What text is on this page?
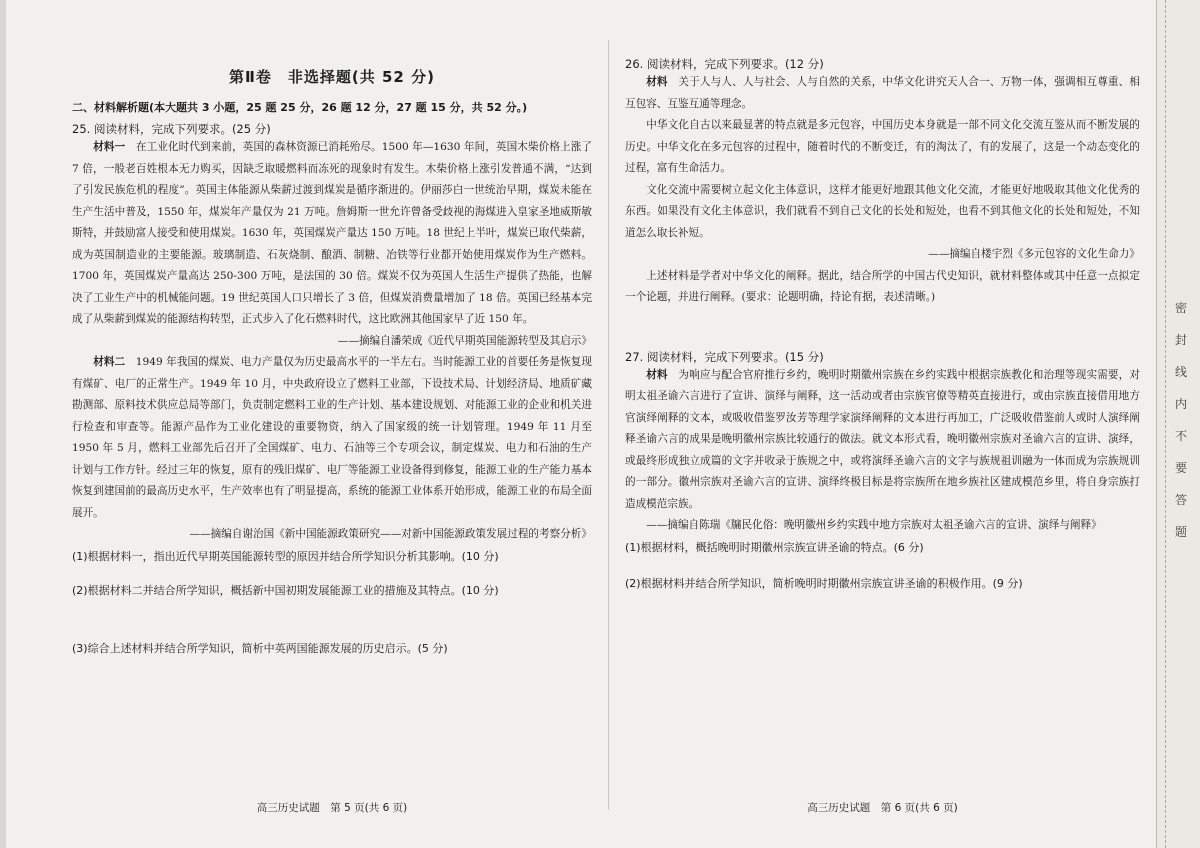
第Ⅱ卷　非选择题(共 52 分)
二、材料解析题(本大题共 3 小题，25 题 25 分，26 题 12 分，27 题 15 分，共 52 分。)
25. 阅读材料，完成下列要求。(25 分)

材料一　在工业化时代到来前，英国的森林资源已消耗殆尽。1500 年—1630 年间，英国木柴价格上涨了 7 倍，一般老百姓根本无力购买，因缺乏取暖燃料而冻死的现象时有发生。木柴价格上涨引发普通不满，“达到了引发民族危机的程度”。英国主体能源从柴薪过渡到煤炭是循序渐进的。伊丽莎白一世统治早期，煤炭未能在生产生活中普及，1550 年，煤炭年产量仅为 21 万吨。詹姆斯一世允许曾备受歧视的海煤进入皇家圣地威斯敏斯特，并鼓励富人接受和使用煤炭。1630 年，英国煤炭产量达 150 万吨。18 世纪上半叶，煤炭已取代柴薪，成为英国制造业的主要能源。玻璃制造、石灰烧制、酿酒、制糖、冶铁等行业都开始使用煤炭作为生产燃料。1700 年，英国煤炭产量高达 250-300 万吨，是法国的 30 倍。煤炭不仅为英国人生活生产提供了热能，也解决了工业生产中的机械能问题。19 世纪英国人口只增长了 3 倍，但煤炭消费量增加了 18 倍。英国已经基本完成了从柴薪到煤炭的能源结构转型，正式步入了化石燃料时代，这比欧洲其他国家早了近 150 年。

——摘编自潘荣成《近代早期英国能源转型及其启示》

材料二　1949 年我国的煤炭、电力产量仅为历史最高水平的一半左右。当时能源工业的首要任务是恢复现有煤矿、电厂的正常生产。1949 年 10 月，中央政府设立了燃料工业部，下设技术局、计划经济局、地质矿藏勘测部、原料技术供应总局等部门，负责制定燃料工业的生产计划、基本建设规划、对能源工业的企业和机关进行检查和审查等。能源产品作为工业化建设的重要物资，纳入了国家级的统一计划管理。1949 年 11 月至 1950 年 5 月，燃料工业部先后召开了全国煤矿、电力、石油等三个专项会议，制定煤炭、电力和石油的生产计划与工作方针。经过三年的恢复，原有的残旧煤矿、电厂等能源工业设备得到修复，能源工业的生产能力基本恢复到建国前的最高历史水平，生产效率也有了明显提高，系统的能源工业体系开始形成，能源工业的布局全面展开。

——摘编自谢治国《新中国能源政策研究——对新中国能源政策发展过程的考察分析》

(1)根据材料一，指出近代早期英国能源转型的原因并结合所学知识分析其影响。(10 分)

(2)根据材料二并结合所学知识，概括新中国初期发展能源工业的措施及其特点。(10 分)

(3)综合上述材料并结合所学知识，简析中英两国能源发展的历史启示。(5 分)

高三历史试题　第 5 页(共 6 页)
26. 阅读材料，完成下列要求。(12 分)

材料　关于人与人、人与社会、人与自然的关系，中华文化讲究天人合一、万物一体，强调相互尊重、相互包容、互鉴互通等理念。

中华文化自古以来最显著的特点就是多元包容，中国历史本身就是一部不同文化交流互鉴从而不断发展的历史。中华文化在多元包容的过程中，随着时代的不断变迁，有的淘汰了，有的发展了，这是一个动态变化的过程，富有生命活力。

文化交流中需要树立起文化主体意识，这样才能更好地跟其他文化交流，才能更好地吸取其他文化优秀的东西。如果没有文化主体意识，我们就看不到自己文化的长处和短处，也看不到其他文化的长处和短处，不知道怎么取长补短。

——摘编自楼宇烈《多元包容的文化生命力》

上述材料是学者对中华文化的阐释。据此，结合所学的中国古代史知识，就材料整体或其中任意一点拟定一个论题，并进行阐释。(要求：论题明确，持论有据，表述清晰。)

27. 阅读材料，完成下列要求。(15 分)

材料　为响应与配合官府推行乡约，晚明时期徽州宗族在乡约实践中根据宗族教化和治理等现实需要，对明太祖圣谕六言进行了宣讲、演绎与阐释，这一活动或者由宗族官僚等精英直接进行，或由宗族直接借用地方官演绎阐释的文本，或吸收借鉴罗汝芳等理学家演绎阐释的文本进行再加工，广泛吸收借鉴前人或时人演绎阐释圣谕六言的成果是晚明徽州宗族比较通行的做法。就文本形式看，晚明徽州宗族对圣谕六言的宣讲、演绎，或最终形成独立成篇的文字并收录于族规之中，或将演绎圣谕六言的文字与族规祖训融为一体而成为宗族规训的一部分。徽州宗族对圣谕六言的宣讲、演绎终极目标是将宗族所在地乡族社区建成模范乡里，将自身宗族打造成模范宗族。

——摘编自陈瑞《牖民化俗：晚明徽州乡约实践中地方宗族对太祖圣谕六言的宣讲、演绎与阐释》

(1)根据材料，概括晚明时期徽州宗族宣讲圣谕的特点。(6 分)

(2)根据材料并结合所学知识，简析晚明时期徽州宗族宣讲圣谕的积极作用。(9 分)

高三历史试题　第 6 页(共 6 页)
密
封
线
内
不
要
答
题
